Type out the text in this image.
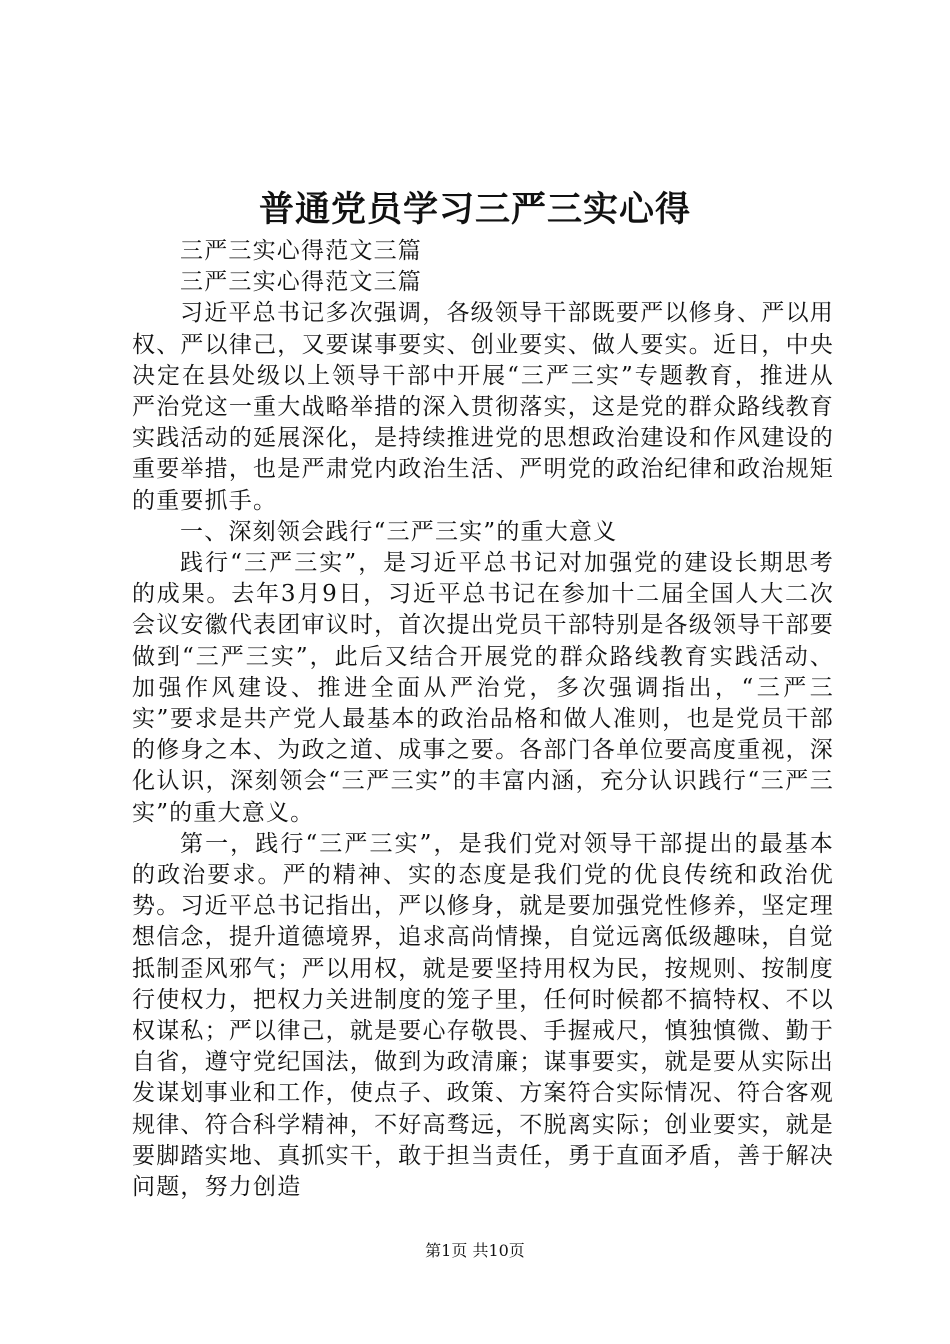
普通党员学习三严三实心得

三严三实心得范文三篇

三严三实心得范文三篇

习近平总书记多次强调，各级领导干部既要严以修身、严以用权、严以律己，又要谋事要实、创业要实、做人要实。近日，中央决定在县处级以上领导干部中开展“三严三实”专题教育，推进从严治党这一重大战略举措的深入贯彻落实，这是党的群众路线教育实践活动的延展深化，是持续推进党的思想政治建设和作风建设的重要举措，也是严肃党内政治生活、严明党的政治纪律和政治规矩的重要抓手。

一、深刻领会践行“三严三实”的重大意义

践行“三严三实”，是习近平总书记对加强党的建设长期思考的成果。去年3月9日，习近平总书记在参加十二届全国人大二次会议安徽代表团审议时，首次提出党员干部特别是各级领导干部要做到“三严三实”，此后又结合开展党的群众路线教育实践活动、加强作风建设、推进全面从严治党，多次强调指出，“三严三实”要求是共产党人最基本的政治品格和做人准则，也是党员干部的修身之本、为政之道、成事之要。各部门各单位要高度重视，深化认识，深刻领会“三严三实”的丰富内涵，充分认识践行“三严三实”的重大意义。

第一，践行“三严三实”，是我们党对领导干部提出的最基本的政治要求。严的精神、实的态度是我们党的优良传统和政治优势。习近平总书记指出，严以修身，就是要加强党性修养，坚定理想信念，提升道德境界，追求高尚情操，自觉远离低级趣味，自觉抵制歪风邪气；严以用权，就是要坚持用权为民，按规则、按制度行使权力，把权力关进制度的笼子里，任何时候都不搞特权、不以权谋私；严以律己，就是要心存敬畏、手握戒尺，慎独慎微、勤于自省，遵守党纪国法，做到为政清廉；谋事要实，就是要从实际出发谋划事业和工作，使点子、政策、方案符合实际情况、符合客观规律、符合科学精神，不好高骛远，不脱离实际；创业要实，就是要脚踏实地、真抓实干，敢于担当责任，勇于直面矛盾，善于解决问题，努力创造

第1页 共10页
